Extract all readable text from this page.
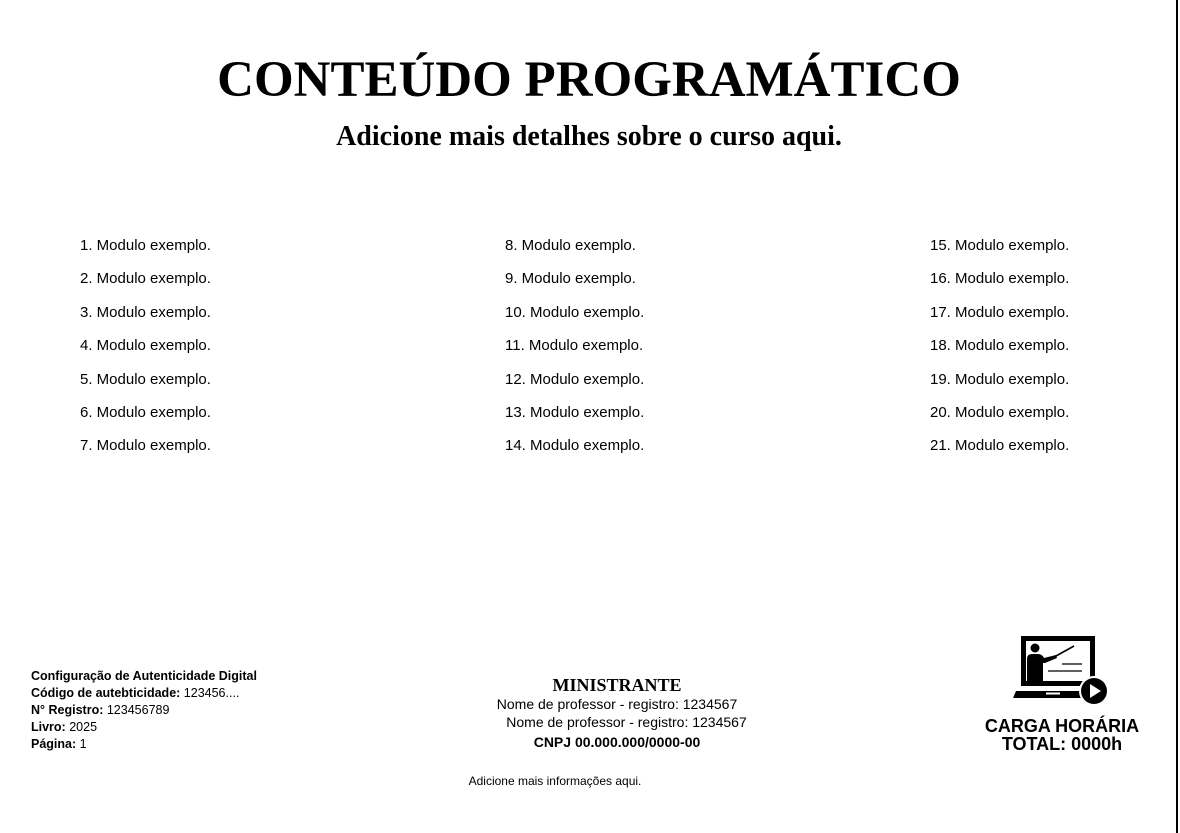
CONTEÚDO PROGRAMÁTICO
Adicione mais detalhes sobre o curso aqui.
1. Modulo exemplo.
2. Modulo exemplo.
3. Modulo exemplo.
4. Modulo exemplo.
5. Modulo exemplo.
6. Modulo exemplo.
7. Modulo exemplo.
8. Modulo exemplo.
9. Modulo exemplo.
10. Modulo exemplo.
11. Modulo exemplo.
12. Modulo exemplo.
13. Modulo exemplo.
14. Modulo exemplo.
15. Modulo exemplo.
16. Modulo exemplo.
17. Modulo exemplo.
18. Modulo exemplo.
19. Modulo exemplo.
20. Modulo exemplo.
21. Modulo exemplo.
Configuração de Autenticidade Digital
Código de autebticidade: 123456....
N° Registro: 123456789
Livro: 2025
Página: 1
MINISTRANTE
Nome de professor - registro: 1234567
Nome de professor - registro: 1234567
CNPJ 00.000.000/0000-00
Adicione mais informações aqui.
CARGA HORÁRIA
TOTAL: 0000h
